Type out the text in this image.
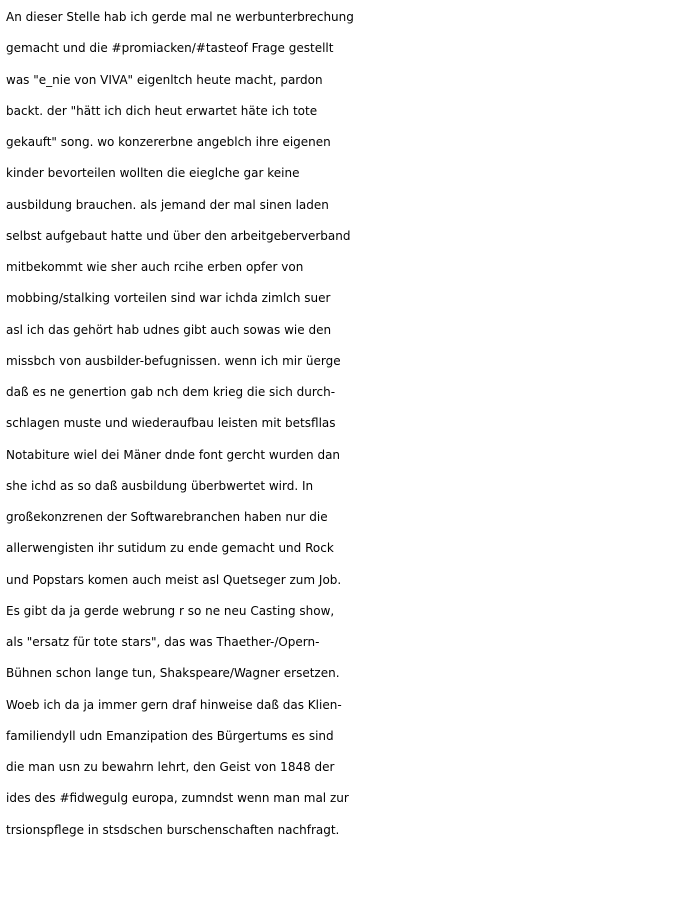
An dieser Stelle hab ich gerde mal ne werbunterbrechung
gemacht und die #promiacken/#tasteof Frage gestellt
was "e_nie von VIVA" eigenltch heute macht, pardon
backt. der "hätt ich dich heut erwartet häte ich tote
gekauft" song. wo konzererbne angeblch ihre eigenen
kinder bevorteilen wollten die eieglche gar keine
ausbildung brauchen. als jemand der mal sinen laden
selbst aufgebaut hatte und über den arbeitgeberverband
mitbekommt wie sher auch rcihe erben opfer von
mobbing/stalking vorteilen sind war ichda zimlch suer
asl ich das gehört hab udnes gibt auch sowas wie den
missbch von ausbilder-befugnissen. wenn ich mir üerge
daß es ne genertion gab nch dem krieg die sich durch-
schlagen muste und wiederaufbau leisten mit betsfllas
Notabiture wiel dei Mäner dnde font gercht wurden dan
she ichd as so daß ausbildung überbwertet wird. In
großekonzrenen der Softwarebranchen haben nur die
allerwengisten ihr sutidum zu ende gemacht und Rock
und Popstars komen auch meist asl Quetseger zum Job.
Es gibt da ja gerde webrung r so ne neu Casting show,
als "ersatz für tote stars", das was Thaether-/Opern-
Bühnen schon lange tun, Shakspeare/Wagner ersetzen.
Woeb ich da ja immer gern draf hinweise daß das Klien-
familiendyll udn Emanzipation des Bürgertums es sind
die man usn zu bewahrn lehrt, den Geist von 1848 der
ides des #fidwegulg europa, zumndst wenn man mal zur
trsionspflege in stsdschen burschenschaften nachfragt.
